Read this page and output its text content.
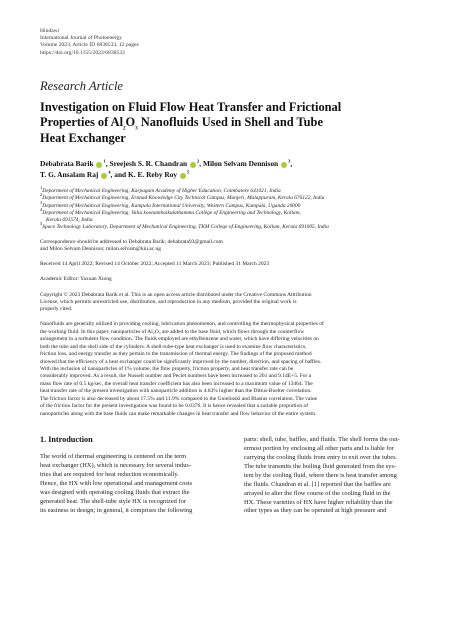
Hindawi
International Journal of Photoenergy
Volume 2023, Article ID 6838533, 12 pages
https://doi.org/10.1155/2023/6838533
Research Article
Investigation on Fluid Flow Heat Transfer and Frictional
Properties of $Al_2O_3$ Nanofluids Used in Shell and Tube
Heat Exchanger
Debabrata Barik $^1$, Sreejesh S. R. Chandran $^2$, Milon Selvam Dennison $^3$,
T. G. Ansalam Raj $^4$, and K. E. Reby Roy $^5$
$^1$Department of Mechanical Engineering, Karpagam Academy of Higher Education, Coimbatore 641021, India
$^2$Department of Mechanical Engineering, Eranad Knowledge City Technical Campus, Manjeri, Malappuram, Kerala 676122, India
$^3$Department of Mechanical Engineering, Kampala International University, Western Campus, Kampala, Uganda 20000
$^4$Department of Mechanical Engineering, Valia koonambaikulathamma College of Engineering and Technology, Kollam,
Kerala 691574, India
$^5$Space Technology Laboratory, Department of Mechanical Engineering, TKM College of Engineering, Kollam, Kerala 691005, India
Correspondence should be addressed to Debabrata Barik; debabrata93@gmail.com
and Milon Selvam Dennison; milon.selvam@kiu.ac.ug
Received 14 April 2022; Revised 14 October 2022; Accepted 11 March 2023; Published 31 March 2023
Academic Editor: Yaxuan Xiong
Copyright © 2023 Debabrata Barik et al. This is an open access article distributed under the Creative Commons Attribution
License, which permits unrestricted use, distribution, and reproduction in any medium, provided the original work is
properly cited.
Nanofluids are generally utilized in providing cooling, lubrication phenomenon, and controlling the thermophysical properties of
the working fluid. In this paper, nanoparticles of Al₂O₃ are added to the base fluid, which flows through the counterflow
arrangement in a turbulent flow condition. The fluids employed are ethylbenzene and water, which have differing velocities on
both the tube and the shell side of the cylinders. A shell-tube-type heat exchanger is used to examine flow characteristics,
friction loss, and energy transfer as they pertain to the transmission of thermal energy. The findings of the proposed method
showed that the efficiency of a heat exchanger could be significantly improved by the number, direction, and spacing of baffles.
With the inclusion of nanoparticles of 1% volume, the flow property, friction property, and heat transfer rate can be
considerably improved. As a result, the Nusselt number and Peclet numbers have been increased to 261 and 9.14E+5. For a
mass flow rate of 0.5 kg/sec, the overall heat transfer coefficient has also been increased to a maximum value of 13464. The
heat transfer rate of the present investigation with nanoparticle addition is 4.63% higher than the Dittus-Boelter correlation.
The friction factor is also decreased by about 17.5% and 11.9% compared to the Gnielinski and Blasius correlation. The value
of the friction factor for the present investigation was found to be 0.0376. It is hence revealed that a suitable proportion of
nanoparticles along with the base fluids can make remarkable changes in heat transfer and flow behavior of the entire system.
1. Introduction
The world of thermal engineering is centered on the term
heat exchanger (HX), which is necessary for several indus-
tries that are required for heat reduction economically.
Hence, the HX with low operational and management costs
was designed with operating cooling fluids that extract the
generated heat. The shell-tube style HX is recognized for
its easiness in design; in general, it comprises the following
parts: shell, tube, baffles, and fluids. The shell forms the out-
ermost portion by enclosing all other parts and is liable for
carrying the cooling fluids from entry to exit over the tubes.
The tube transmits the boiling fluid generated from the sys-
tem by the cooling fluid, where there is heat transfer among
the fluids. Chandran et al. [1] reported that the baffles are
arrayed to alter the flow course of the cooling fluid in the
HX. These varieties of HX have higher reliability than the
other types as they can be operated at high pressure and
